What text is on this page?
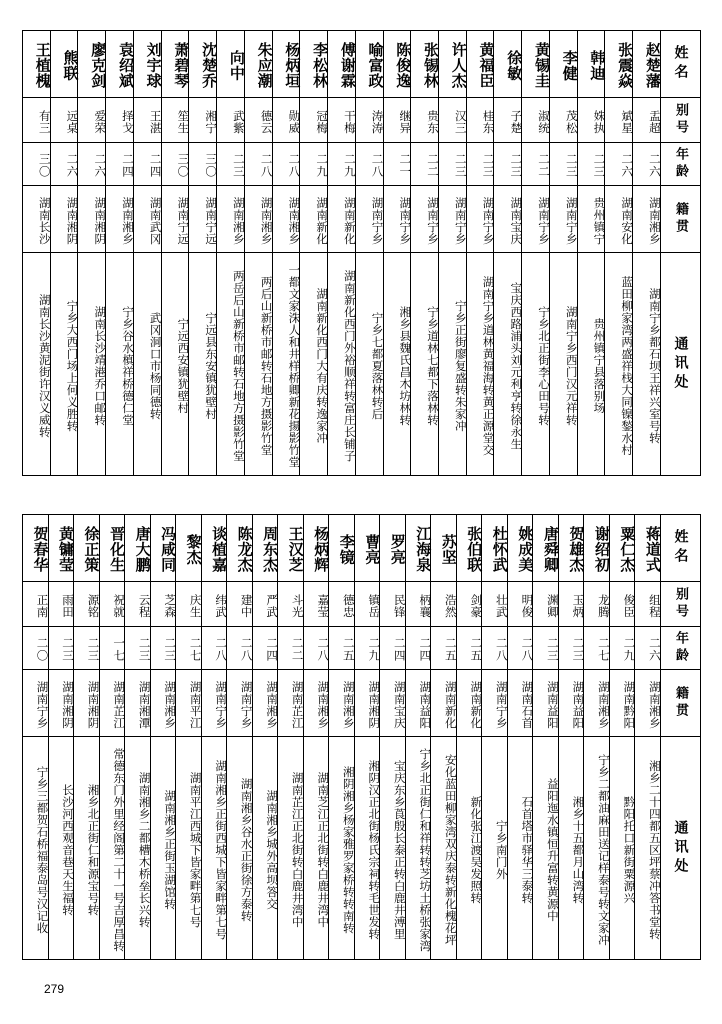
王植槐	熊联	廖克剑	袁绍斌	刘宇球	萧碧琴	沈楚乔	向中	朱应潮	杨炳垣	李松林	傅谢霖	喻富政	陈俊逸	张锡林	许人杰	黄福臣	徐敏	黄锡圭	李健	韩迪	张震焱	赵楚藩	姓名

有三	远桌	爱荣	择戈	王湛	笙生	湘宁	武紫	德云	勋威	冠梅	干梅	涛涛	继异	贵东	汉三	桂东	子楚	淑统	茂松	姝执	斌星	盂超	别号

三〇	二六	二六	二四	二四	三〇	三〇	二三	二八	二八	二九	二九	二八	二一	二二	二三	二三	二三	二二	二三	二三	二六	二六	年龄

湖南长沙	湖南湘阴	湖南湘阴	湖南湘乡	湖南武冈	湖南宁远	湖南宁远	湖南湘乡	湖南湘乡	湖南湘乡	湖南新化	湖南新化	湖南宁乡	湖南宁乡	湖南宁乡	湖南宁乡	湖南宁乡	湖南宝庆	湖南宁乡	湖南宁乡	贵州镇宁	湖南安化	湖南湘乡	籍贯

湖南长沙黄泥街许汉义威转	宁乡大西门场上何义胜转	湖南长沙靖港乔口邮转	宁乡谷水槙祥桥德仁堂	武冈洞口市杨同德转	宁远西安镇犹壁村	宁远县东安镇犹壁村	两岳后山新桥市邮转石地方摄影竹堂	两后山新桥市邮转石地方摄影竹堂	一都文家洙人和井样桥卿新花揚影竹堂	湖南新化西门大有庆转逸家冲	湖南新化西门外裕顺祥转富庄长铺子	宁乡七都夏落林转后	湘乡县魏氏昌木坊林转	宁乡道林七都下落林转	宁乡正街廖复盛转朱家冲	湖南宁乡道林黄福海转黄正源堂交	宝庆西路浦头刘元利亨转徐永生	宁乡北正街李心田号转	湖南宁乡西门汉元祥转	贵州镇宁县落别场	蓝田柳家湾两盛祥栈大同镍鍫水村	湖南宁乡都石坝王祥兴室号转	通讯处
贺春华	黄镛莹	徐正策	晋化生	唐大鹏	冯咸同	黎杰	谈植嘉	陈龙杰	周东杰	王汉芝	杨炳辉	李镜	曹亮	罗亮	江海泉	苏坚	张伯联	杜怀武	姚成美	唐舜卿	贺雄杰	谢绍初	粟仁杰	蒋道式	姓名

正南	雨田	源铭	祝就	云程	芝森	庆生	纬武	建中	严武	斗光	嘉莹	德忠	镇岳	民锋	柄襄	浩然	剑豪	壮武	明俊	渊卿	玉炳	龙腾	俊臣	组程	别号

二〇	二三	二三	一七	二三	二三	二七	二八	二八	二四	二二	二八	二五	二九	二四	二四	二五	二五	二八	二八	二三	二三	二七	二九	二六	年龄

湖南宁乡	湖南湘阴	湖南湘阴	湖南芷江	湖南湘潭	湖南湘乡	湖南平江	湖南宁乡	湖南宁乡	湖南湘乡	湖南芷江	湖南湘乡	湖南湘乡	湖南湘阴	湖南宝庆	湖南益阳	湖南新化	湖南新化	湖南宁乡	湖南石首	湖南益阳	湖南益阳	湖南湘乡	湖南黔阳	湖南湘乡	籍贯

宁乡三都贺石桥福泰岛号汉记收	长沙河西观音巷天生福转	湘乡北正街仁和源宝号转	常德东门外里经阁第二十一号吉厚昌转	湖南湘乡二都槽木桥垒长兴转	湖南湘乡正街玉湖馆转	湖南平江西城下皆家畔第七号	湖南湘乡正街西城下皆家畔第七号	湖南湘乡谷水正街徐方泰转	湖南湘乡城外高坝答交	湖南芷江正北街转白鹿井湾中	湖南芝江正北街转白鹿井湾中	湘阴湘乡杨家雅罗家桥转转南转	湘阴汉正北街杨氏宗祠转毛世发转	宝庆东乡莨殷长泰正转白鹿井溥里	宁乡北正街仁和祥转转芝坊土桥张家湾	安化蓝田柳家湾双庆泰转新化槐花坪	新化张江渡吴发照转	宁乡南门外	石首塔市驿华三泰转	益阳迤水镇恒升富转黄源中	湘乡十五都月山湾转	宁乡二都油麻田送记样泰号转文家冲	黔阳托口新街粟源兴	湘乡二十四都五区坪蔡冲答书堂转	通讯处
279
